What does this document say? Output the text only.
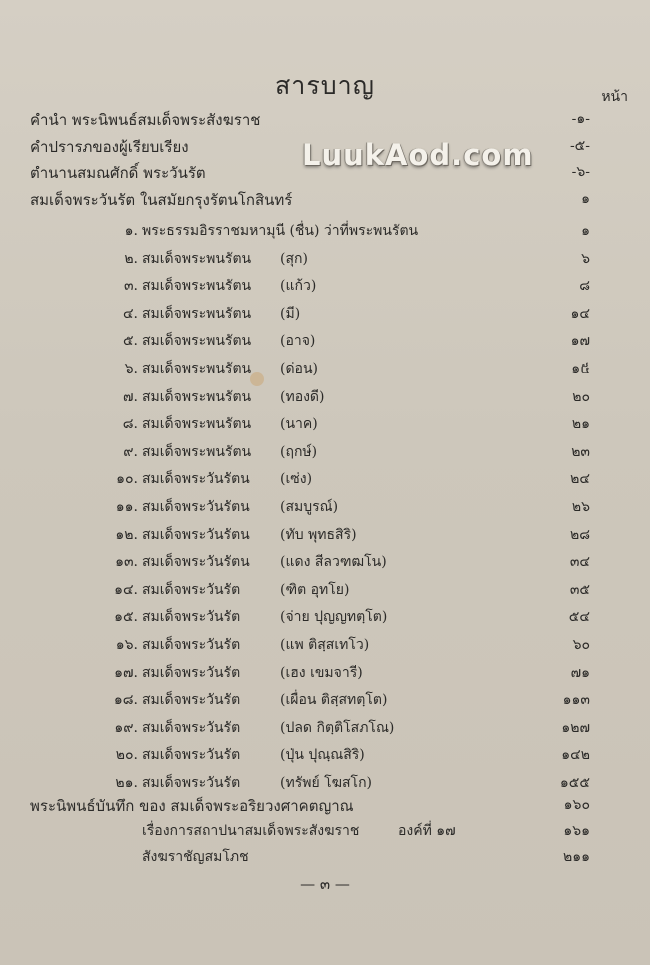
สารบาญ	หน้า
LuukAod.com
คำนำ พระนิพนธ์สมเด็จพระสังฆราช	-๑-
คำปรารภของผู้เรียบเรียง	-๕-
ตำนานสมณศักดิ์ พระวันรัต	-๖-
สมเด็จพระวันรัต ในสมัยกรุงรัตนโกสินทร์	๑
๑. พระธรรมอิรราชมหามุนี (ชื่น) ว่าที่พระพนรัตน	๑
๒. สมเด็จพระพนรัตน (สุก)	๖
๓. สมเด็จพระพนรัตน (แก้ว)	๘
๔. สมเด็จพระพนรัตน (มี)	๑๔
๕. สมเด็จพระพนรัตน (อาจ)	๑๗
๖. สมเด็จพระพนรัตน (ด่อน)	๑៥
๗. สมเด็จพระพนรัตน (ทองดี)	๒๐
๘. สมเด็จพระพนรัตน (นาค)	๒๑
๙. สมเด็จพระพนรัตน (ฤกษ์)	๒๓
๑๐. สมเด็จพระวันรัตน (เซ่ง)	๒๔
๑๑. สมเด็จพระวันรัตน (สมบูรณ์)	๒๖
๑๒. สมเด็จพระวันรัตน (ทับ พุทธสิริ)	๒๘
๑๓. สมเด็จพระวันรัตน (แดง สีลวฑฒโน)	๓๔
๑๔. สมเด็จพระวันรัต	(ฑิต อุทโย)	๓๕
๑๕. สมเด็จพระวันรัต	(จ่าย ปุญญทตฺโต)	๕๔
๑๖. สมเด็จพระวันรัต	(แพ ติสฺสเทโว)	๖๐
๑๗. สมเด็จพระวันรัต	(เฮง เขมจารี)	๗๑
๑๘. สมเด็จพระวันรัต	(เผื่อน ติสฺสทตฺโต)	๑๑๓
๑๙. สมเด็จพระวันรัต	(ปลด กิตฺติโสภโณ)	๑๒๗
๒๐. สมเด็จพระวันรัต	(ปุ่น ปุณฺณสิริ)	๑๔๒
๒๑. สมเด็จพระวันรัต	(ทรัพย์ โฆสโก)	๑๕๕
พระนิพนธ์บันทึก ของ สมเด็จพระอริยวงศาคตญาณ	๑๖๐
เรื่องการสถาปนาสมเด็จพระสังฆราช	องค์ที่ ๑๗	๑๖๑
สังฆราชัญสมโภช	๒๑๑
— ๓ —
